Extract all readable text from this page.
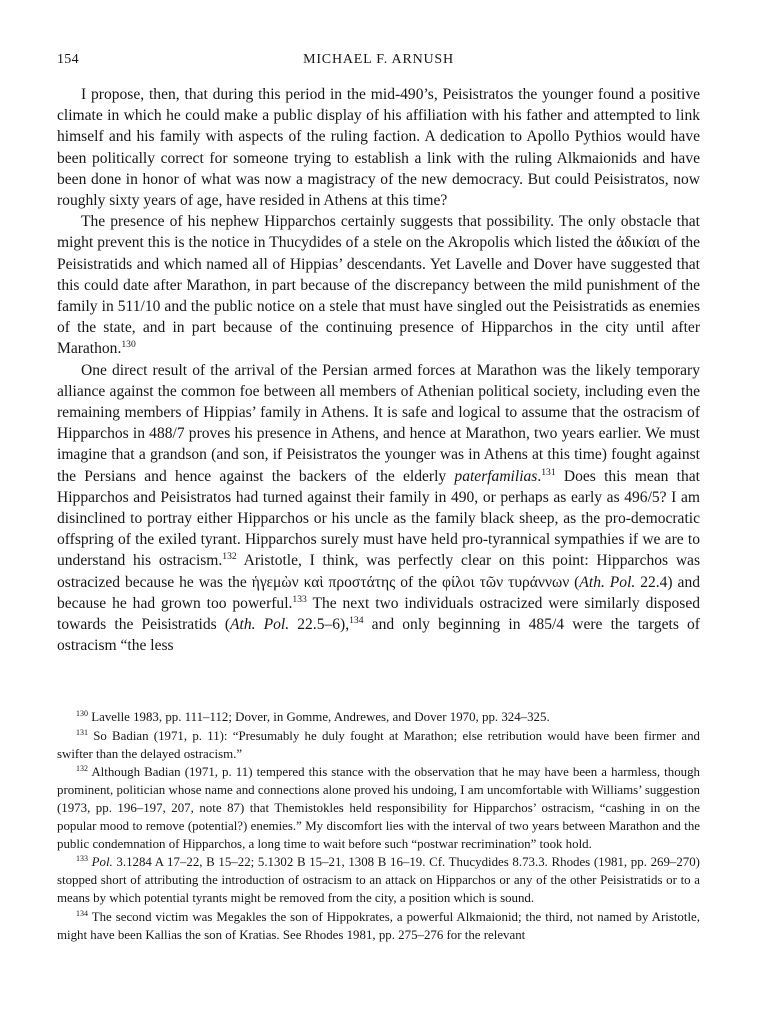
154	MICHAEL F. ARNUSH

I propose, then, that during this period in the mid-490’s, Peisistratos the younger found a positive climate in which he could make a public display of his affiliation with his father and attempted to link himself and his family with aspects of the ruling faction. A dedication to Apollo Pythios would have been politically correct for someone trying to establish a link with the ruling Alkmaionids and have been done in honor of what was now a magistracy of the new democracy. But could Peisistratos, now roughly sixty years of age, have resided in Athens at this time?

The presence of his nephew Hipparchos certainly suggests that possibility. The only obstacle that might prevent this is the notice in Thucydides of a stele on the Akropolis which listed the ἀδικίαι of the Peisistratids and which named all of Hippias’ descendants. Yet Lavelle and Dover have suggested that this could date after Marathon, in part because of the discrepancy between the mild punishment of the family in 511/10 and the public notice on a stele that must have singled out the Peisistratids as enemies of the state, and in part because of the continuing presence of Hipparchos in the city until after Marathon.$^{130}$

One direct result of the arrival of the Persian armed forces at Marathon was the likely temporary alliance against the common foe between all members of Athenian political society, including even the remaining members of Hippias’ family in Athens. It is safe and logical to assume that the ostracism of Hipparchos in 488/7 proves his presence in Athens, and hence at Marathon, two years earlier. We must imagine that a grandson (and son, if Peisistratos the younger was in Athens at this time) fought against the Persians and hence against the backers of the elderly paterfamilias.$^{131}$ Does this mean that Hipparchos and Peisistratos had turned against their family in 490, or perhaps as early as 496/5? I am disinclined to portray either Hipparchos or his uncle as the family black sheep, as the pro-democratic offspring of the exiled tyrant. Hipparchos surely must have held pro-tyrannical sympathies if we are to understand his ostracism.$^{132}$ Aristotle, I think, was perfectly clear on this point: Hipparchos was ostracized because he was the ἡγεμὼν καὶ προστάτης of the φίλοι τῶν τυράννων (Ath. Pol. 22.4) and because he had grown too powerful.$^{133}$ The next two individuals ostracized were similarly disposed towards the Peisistratids (Ath. Pol. 22.5–6),$^{134}$ and only beginning in 485/4 were the targets of ostracism “the less

$^{130}$ Lavelle 1983, pp. 111–112; Dover, in Gomme, Andrewes, and Dover 1970, pp. 324–325.

$^{131}$ So Badian (1971, p. 11): “Presumably he duly fought at Marathon; else retribution would have been firmer and swifter than the delayed ostracism.”

$^{132}$ Although Badian (1971, p. 11) tempered this stance with the observation that he may have been a harmless, though prominent, politician whose name and connections alone proved his undoing, I am uncomfortable with Williams’ suggestion (1973, pp. 196–197, 207, note 87) that Themistokles held responsibility for Hipparchos’ ostracism, “cashing in on the popular mood to remove (potential?) enemies.” My discomfort lies with the interval of two years between Marathon and the public condemnation of Hipparchos, a long time to wait before such “postwar recrimination” took hold.

$^{133}$ Pol. 3.1284 A 17–22, B 15–22; 5.1302 B 15–21, 1308 B 16–19. Cf. Thucydides 8.73.3. Rhodes (1981, pp. 269–270) stopped short of attributing the introduction of ostracism to an attack on Hipparchos or any of the other Peisistratids or to a means by which potential tyrants might be removed from the city, a position which is sound.

$^{134}$ The second victim was Megakles the son of Hippokrates, a powerful Alkmaionid; the third, not named by Aristotle, might have been Kallias the son of Kratias. See Rhodes 1981, pp. 275–276 for the relevant
